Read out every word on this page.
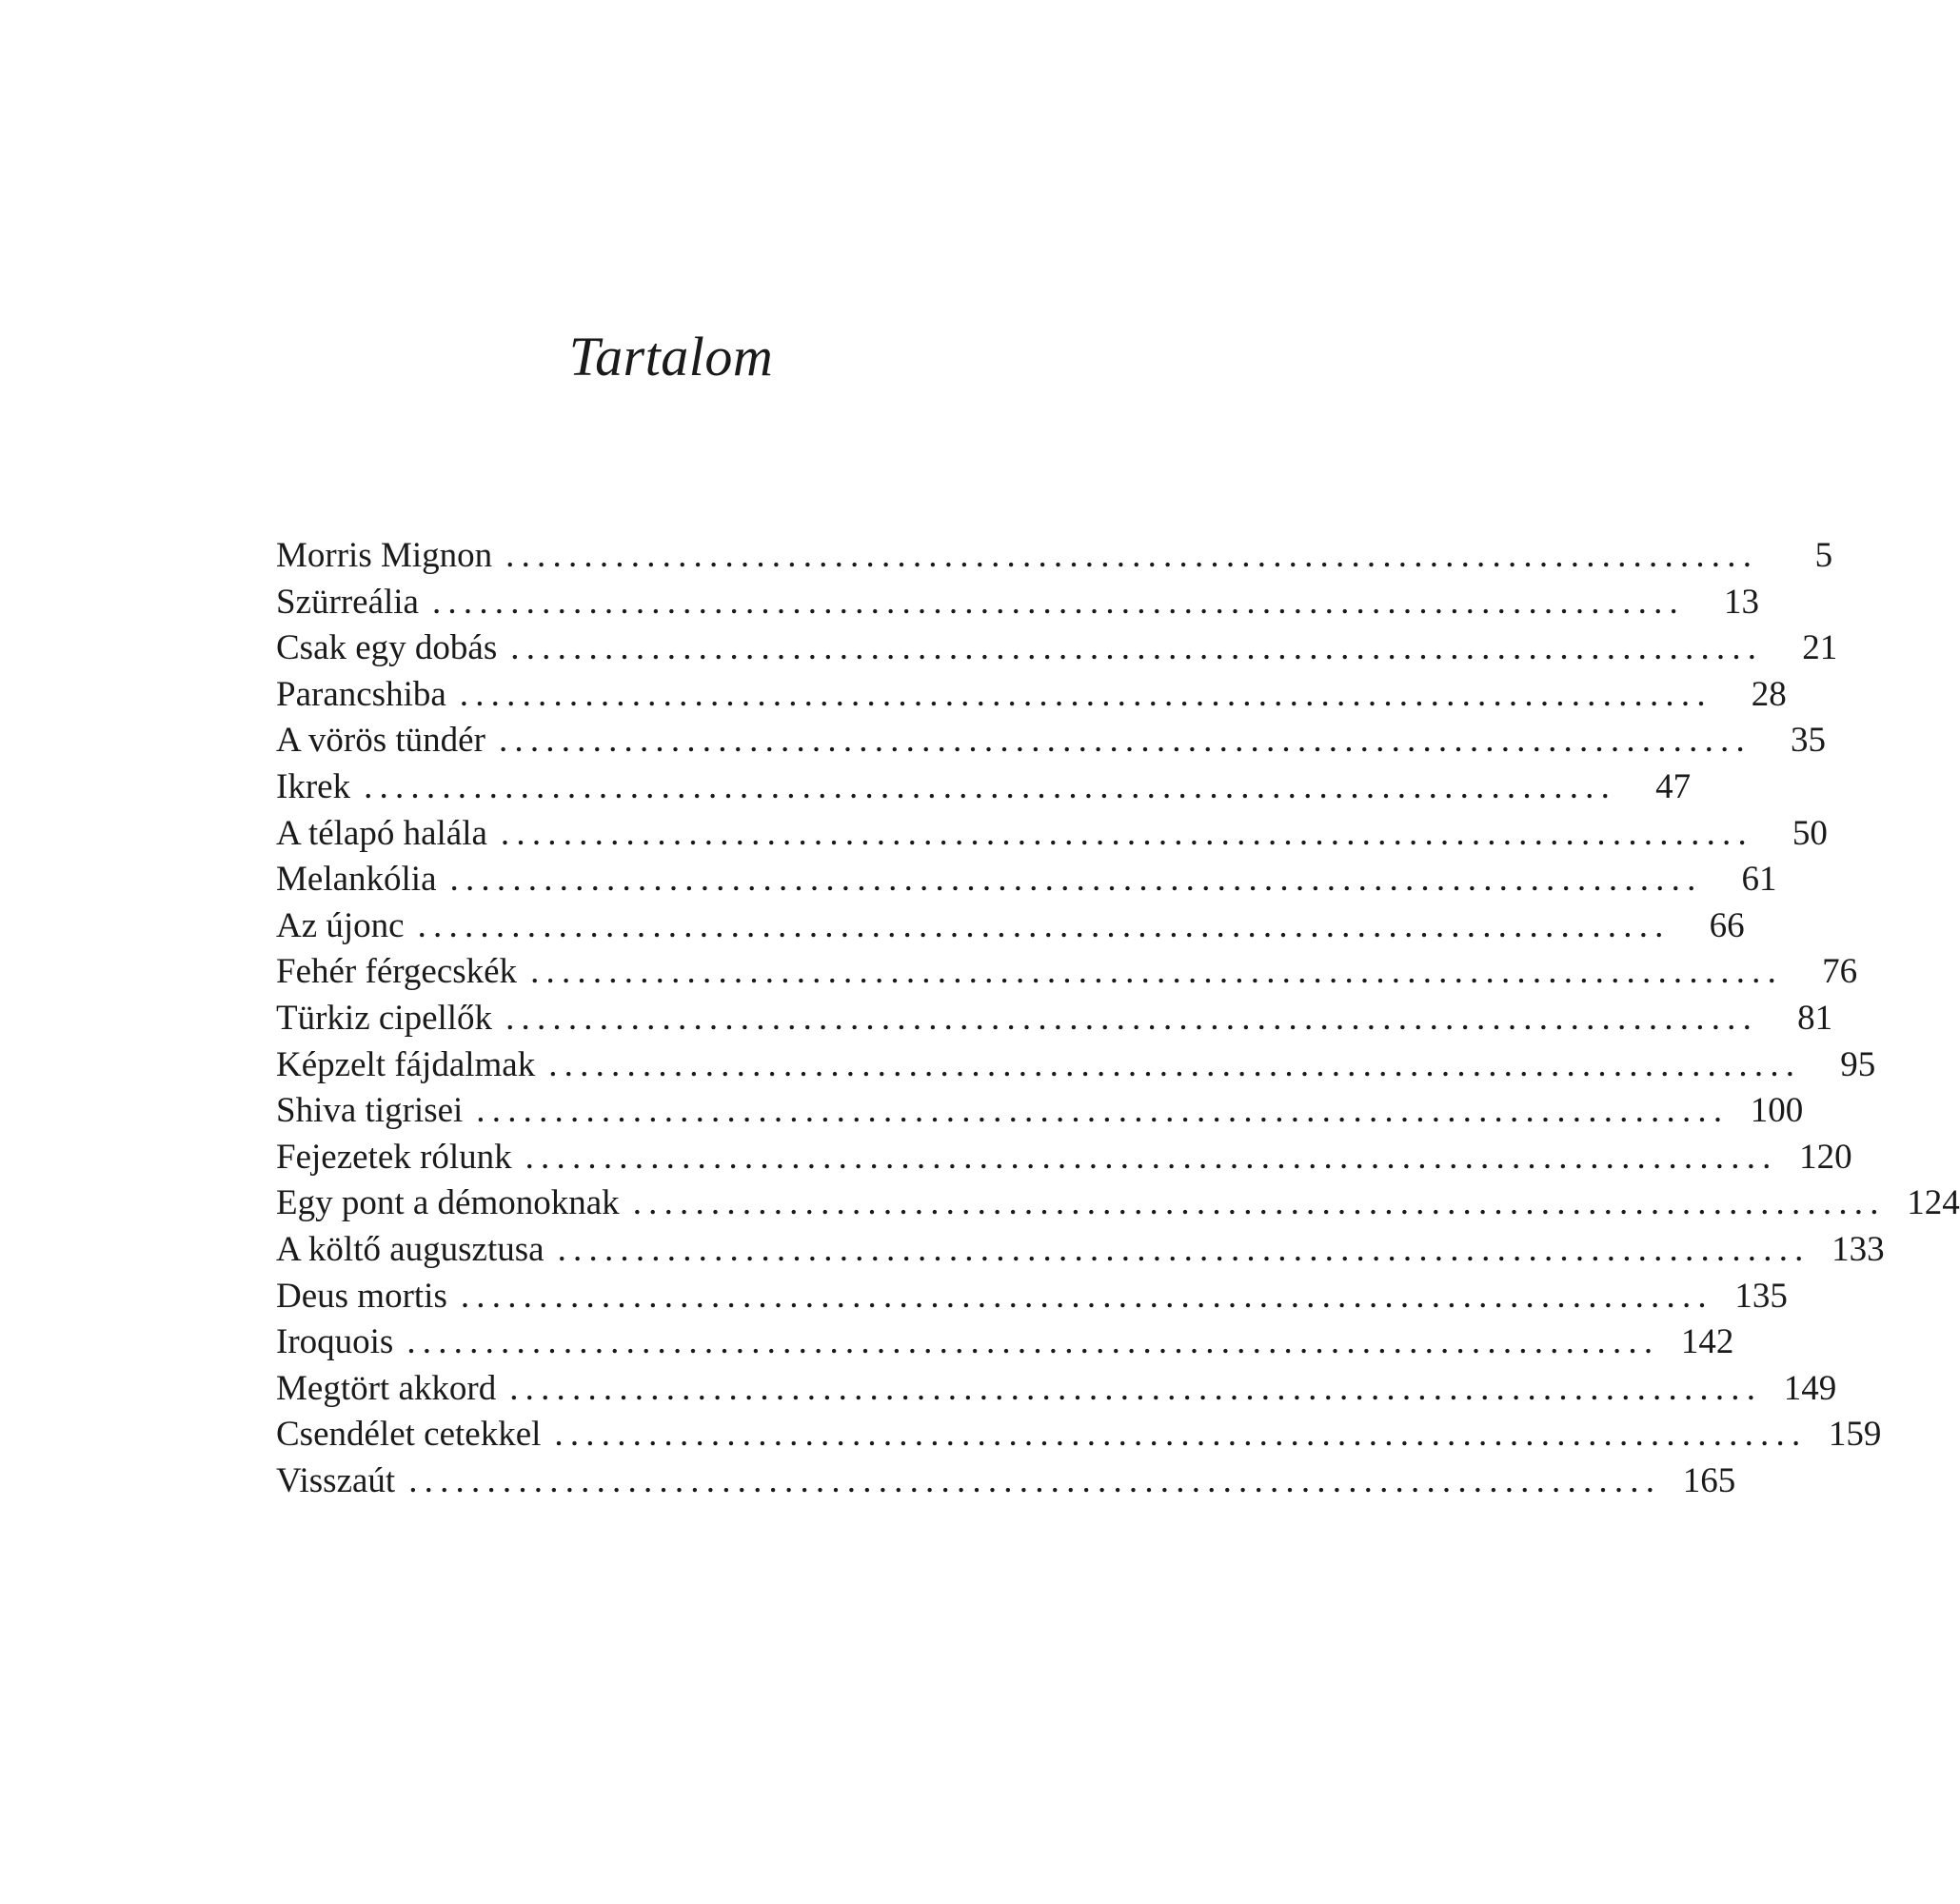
Tartalom
Morris Mignon ................................................................................	5
Szürreália ................................................................................	13
Csak egy dobás ................................................................................	21
Parancshiba ................................................................................	28
A vörös tündér ................................................................................	35
Ikrek ................................................................................	47
A télapó halála ................................................................................	50
Melankólia ................................................................................	61
Az újonc ................................................................................	66
Fehér férgecskék ................................................................................	76
Türkiz cipellők ................................................................................	81
Képzelt fájdalmak ................................................................................	95
Shiva tigrisei ................................................................................ 100
Fejezetek rólunk ................................................................................ 120
Egy pont a démonoknak ................................................................................ 124
A költő augusztusa ................................................................................ 133
Deus mortis ................................................................................ 135
Iroquois ................................................................................ 142
Megtört akkord ................................................................................ 149
Csendélet cetekkel ................................................................................ 159
Visszaút ................................................................................ 165
